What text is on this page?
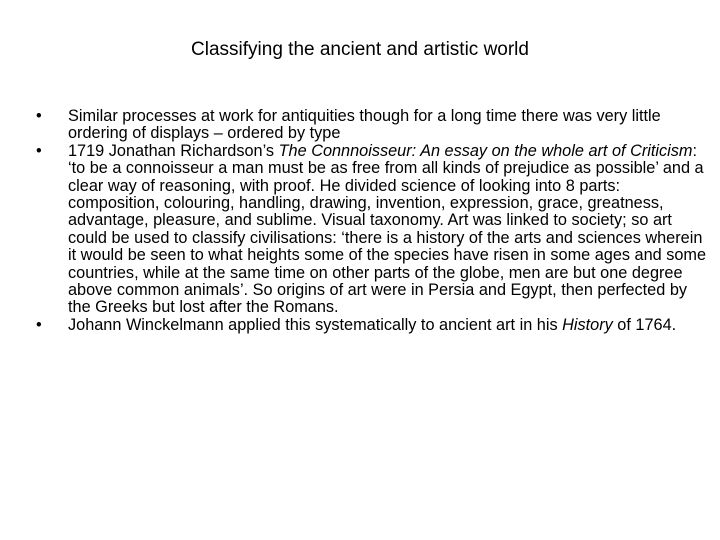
Classifying the ancient and artistic world
•	Similar processes at work for antiquities though for a long time there was very little ordering of displays – ordered by type
•	1719 Jonathan Richardson’s The Connnoisseur: An essay on the whole art of Criticism: ‘to be a connoisseur a man must be as free from all kinds of prejudice as possible’ and a clear way of reasoning, with proof. He divided science of looking into 8 parts: composition, colouring, handling, drawing, invention, expression, grace, greatness, advantage, pleasure, and sublime. Visual taxonomy. Art was linked to society; so art could be used to classify civilisations: ‘there is a history of the arts and sciences wherein it would be seen to what heights some of the species have risen in some ages and some countries, while at the same time on other parts of the globe, men are but one degree above common animals’. So origins of art were in Persia and Egypt, then perfected by the Greeks but lost after the Romans.
•	Johann Winckelmann applied this systematically to ancient art in his History of 1764.
